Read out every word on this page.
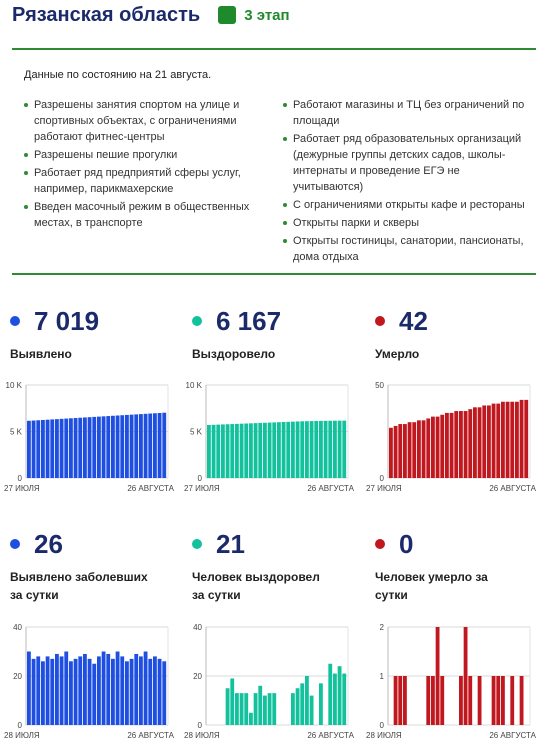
Рязанская область	3 этап
Данные по состоянию на 21 августа.
Разрешены занятия спортом на улице и спортивных объектах, с ограничениями работают фитнес-центры
Разрешены пешие прогулки
Работает ряд предприятий сферы услуг, например, парикмахерские
Введен масочный режим в общественных местах, в транспорте
Работают магазины и ТЦ без ограничений по площади
Работает ряд образовательных организаций (дежурные группы детских садов, школы-интернаты и проведение ЕГЭ не учитываются)
С ограничениями открыты кафе и рестораны
Открыты парки и скверы
Открыты гостиницы, санатории, пансионаты, дома отдыха
7 019
Выявлено
6 167
Выздоровело
42
Умерло
26
Выявлено заболевших за сутки
21
Человек выздоровел за сутки
0
Человек умерло за сутки
0
5 K
10 K
27 ИЮЛЯ	26 АВГУСТА
0
5 K
10 K
27 ИЮЛЯ	26 АВГУСТА
0
50
27 ИЮЛЯ	26 АВГУСТА
0
20
40
28 ИЮЛЯ	26 АВГУСТА
0
20
40
28 ИЮЛЯ	26 АВГУСТА
0
1
2
28 ИЮЛЯ	26 АВГУСТА
